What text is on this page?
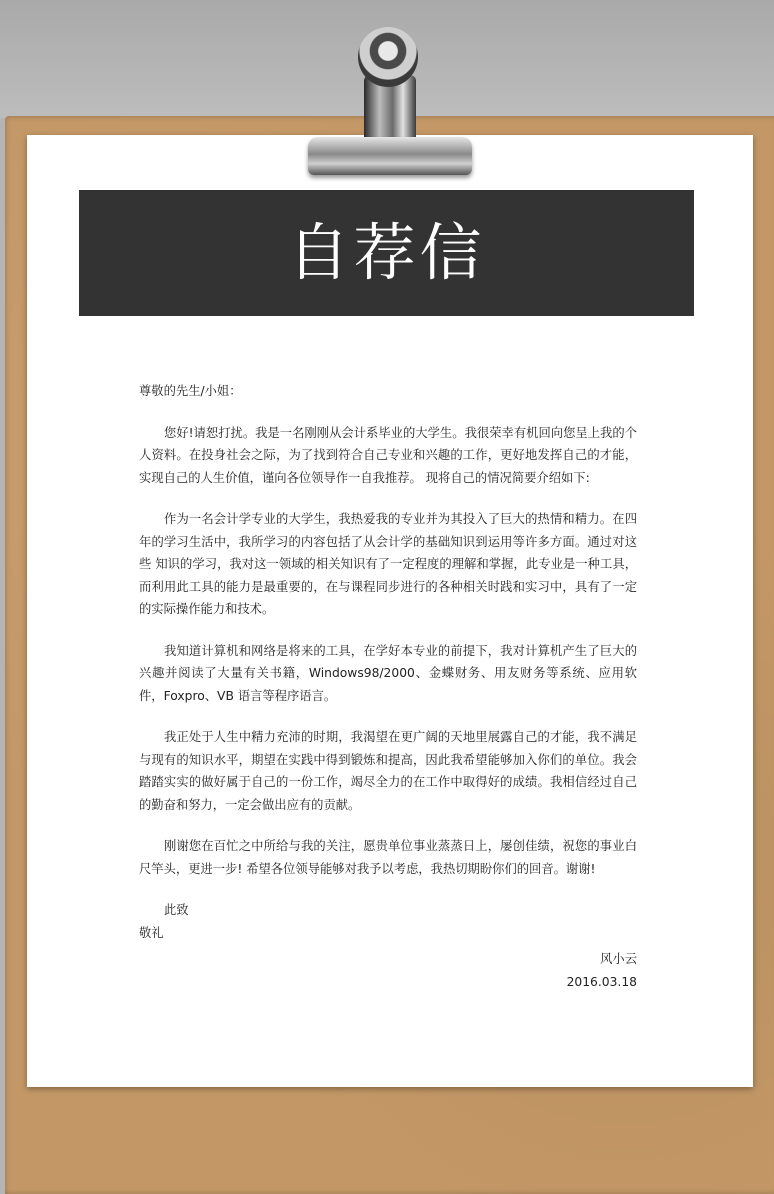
自荐信

尊敬的先生/小姐：

您好!请恕打扰。我是一名刚刚从会计系毕业的大学生。我很荣幸有机回向您呈上我的个人资料。在投身社会之际，为了找到符合自己专业和兴趣的工作，更好地发挥自己的才能，实现自己的人生价值，谨向各位领导作一自我推荐。 现将自己的情况简要介绍如下:

作为一名会计学专业的大学生，我热爱我的专业并为其投入了巨大的热情和精力。在四年的学习生活中，我所学习的内容包括了从会计学的基础知识到运用等许多方面。通过对这些 知识的学习，我对这一领域的相关知识有了一定程度的理解和掌握，此专业是一种工具，而利用此工具的能力是最重要的，在与课程同步进行的各种相关时践和实习中，具有了一定的实际操作能力和技术。

我知道计算机和网络是将来的工具，在学好本专业的前提下，我对计算机产生了巨大的兴趣并阅读了大量有关书籍，Windows98/2000、金蝶财务、用友财务等系统、应用软件，Foxpro、VB 语言等程序语言。

我正处于人生中精力充沛的时期，我渴望在更广阔的天地里展露自己的才能，我不满足与现有的知识水平，期望在实践中得到锻炼和提高，因此我希望能够加入你们的单位。我会踏踏实实的做好属于自己的一份工作，竭尽全力的在工作中取得好的成绩。我相信经过自己的勤奋和努力，一定会做出应有的贡献。

刚谢您在百忙之中所给与我的关注，愿贵单位事业蒸蒸日上，屡创佳绩，祝您的事业白尺竿头，更进一步! 希望各位领导能够对我予以考虑，我热切期盼你们的回音。谢谢!

此致

敬礼

风小云

2016.03.18
